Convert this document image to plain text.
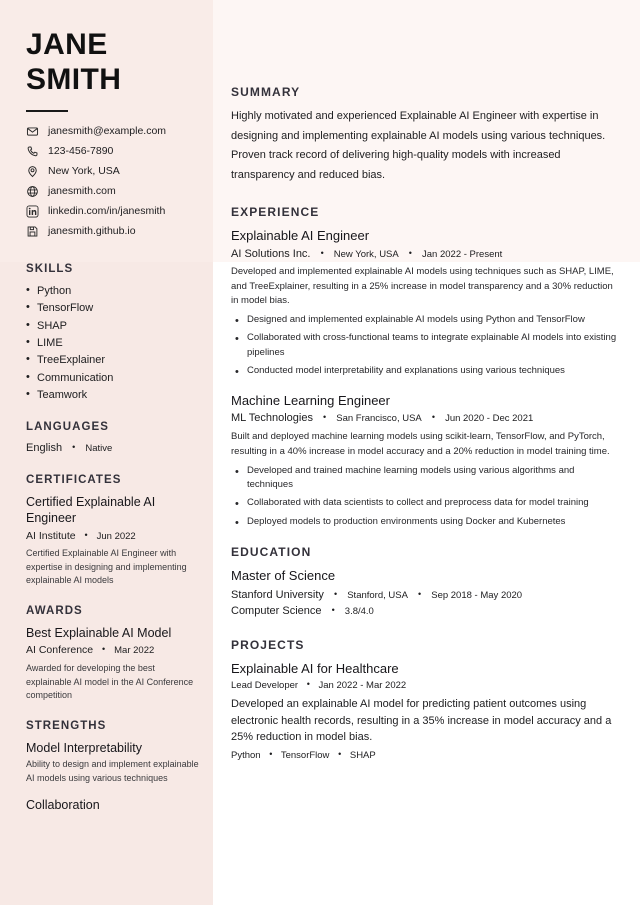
JANE
SMITH
janesmith@example.com
123-456-7890
New York, USA
janesmith.com
linkedin.com/in/janesmith
janesmith.github.io
SKILLS
• Python
• TensorFlow
• SHAP
• LIME
• TreeExplainer
• Communication
• Teamwork
LANGUAGES
English • Native
CERTIFICATES
Certified Explainable AI Engineer
AI Institute • Jun 2022
Certified Explainable AI Engineer with expertise in designing and implementing explainable AI models
AWARDS
Best Explainable AI Model
AI Conference • Mar 2022
Awarded for developing the best explainable AI model in the AI Conference competition
STRENGTHS
Model Interpretability
Ability to design and implement explainable AI models using various techniques
Collaboration
SUMMARY
Highly motivated and experienced Explainable AI Engineer with expertise in designing and implementing explainable AI models using various techniques. Proven track record of delivering high-quality models with increased transparency and reduced bias.
EXPERIENCE
Explainable AI Engineer
AI Solutions Inc. • New York, USA • Jan 2022 - Present
Developed and implemented explainable AI models using techniques such as SHAP, LIME, and TreeExplainer, resulting in a 25% increase in model transparency and a 30% reduction in model bias.
• Designed and implemented explainable AI models using Python and TensorFlow
• Collaborated with cross-functional teams to integrate explainable AI models into existing pipelines
• Conducted model interpretability and explanations using various techniques
Machine Learning Engineer
ML Technologies • San Francisco, USA • Jun 2020 - Dec 2021
Built and deployed machine learning models using scikit-learn, TensorFlow, and PyTorch, resulting in a 40% increase in model accuracy and a 20% reduction in model training time.
• Developed and trained machine learning models using various algorithms and techniques
• Collaborated with data scientists to collect and preprocess data for model training
• Deployed models to production environments using Docker and Kubernetes
EDUCATION
Master of Science
Stanford University • Stanford, USA • Sep 2018 - May 2020
Computer Science • 3.8/4.0
PROJECTS
Explainable AI for Healthcare
Lead Developer • Jan 2022 - Mar 2022
Developed an explainable AI model for predicting patient outcomes using electronic health records, resulting in a 35% increase in model accuracy and a 25% reduction in model bias.
Python • TensorFlow • SHAP
